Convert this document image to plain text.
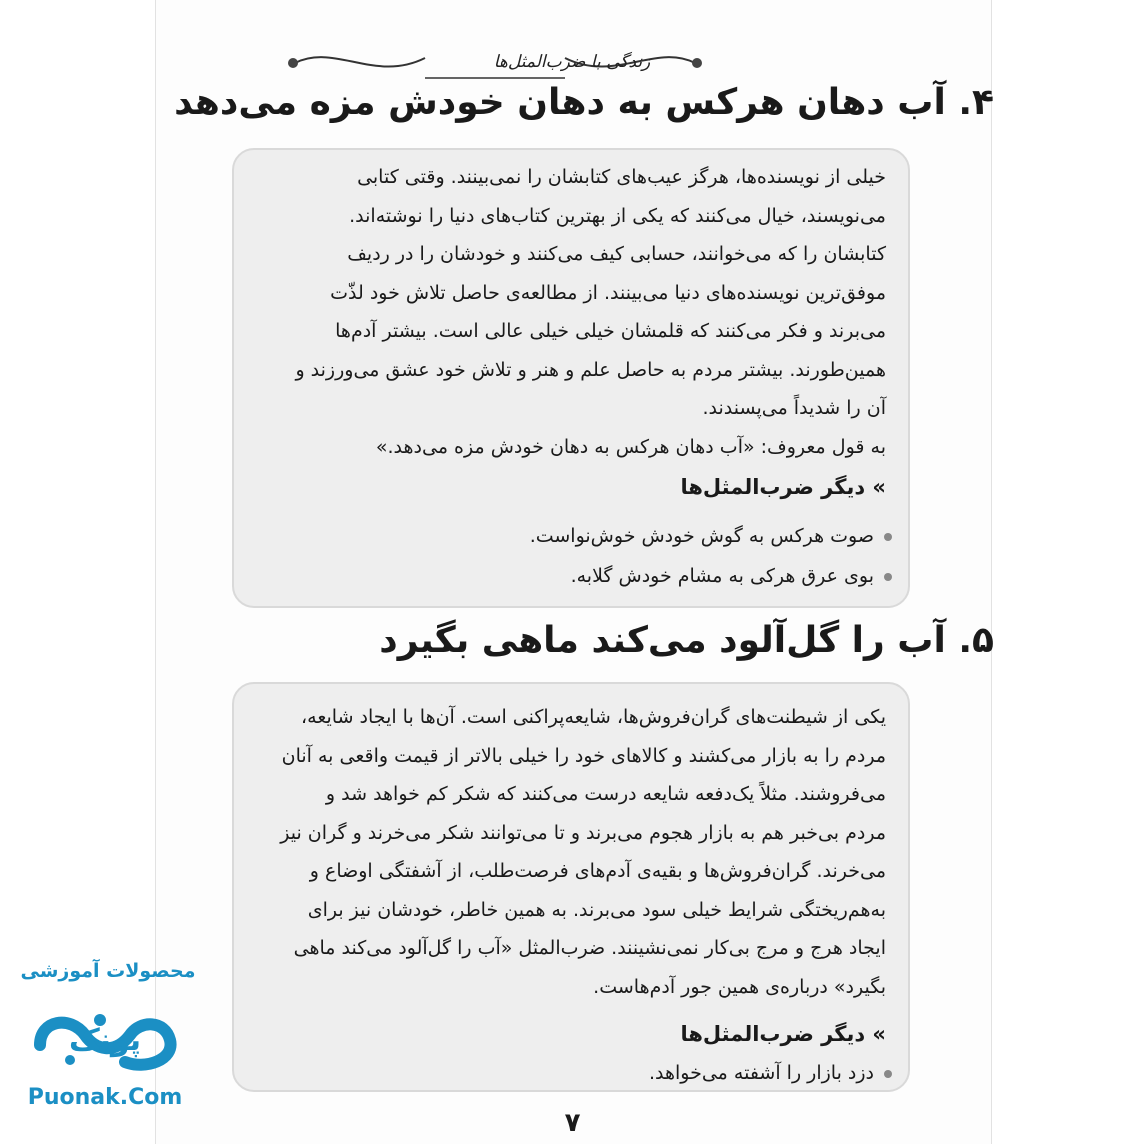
زندگی با ضرب‌المثل‌ها
۴. آب دهان هرکس به دهان خودش مزه می‌دهد
خیلی از نویسنده‌ها، هرگز عیب‌های کتابشان را نمی‌بینند. وقتی کتابی
می‌نویسند، خیال می‌کنند که یکی از بهترین کتاب‌های دنیا را نوشته‌اند.
کتابشان را که می‌خوانند، حسابی کیف می‌کنند و خودشان را در ردیف
موفق‌ترین نویسنده‌های دنیا می‌بینند. از مطالعه‌ی حاصل تلاش خود لذّت
می‌برند و فکر می‌کنند که قلمشان خیلی خیلی عالی است. بیشتر آدم‌ها
همین‌طورند. بیشتر مردم به حاصل علم و هنر و تلاش خود عشق می‌ورزند و
آن را شدیداً می‌پسندند.
به قول معروف: «آب دهان هرکس به دهان خودش مزه می‌دهد.»
» دیگر ضرب‌المثل‌ها
صوت هرکس به گوش خودش خوش‌نواست.
بوی عرق هرکی به مشام خودش گلابه.
۵. آب را گل‌آلود می‌کند ماهی بگیرد
یکی از شیطنت‌های گران‌فروش‌ها، شایعه‌پراکنی است. آن‌ها با ایجاد شایعه،
مردم را به بازار می‌کشند و کالاهای خود را خیلی بالاتر از قیمت واقعی به آنان
می‌فروشند. مثلاً یک‌دفعه شایعه درست می‌کنند که شکر کم خواهد شد و
مردم بی‌خبر هم به بازار هجوم می‌برند و تا می‌توانند شکر می‌خرند و گران نیز
می‌خرند. گران‌فروش‌ها و بقیه‌ی آدم‌های فرصت‌طلب، از آشفتگی اوضاع و
به‌هم‌ریختگی شرایط خیلی سود می‌برند. به همین خاطر، خودشان نیز برای
ایجاد هرج و مرج بی‌کار نمی‌نشینند. ضرب‌المثل «آب را گل‌آلود می‌کند ماهی
بگیرد» درباره‌ی همین جور آدم‌هاست.
» دیگر ضرب‌المثل‌ها
دزد بازار را آشفته می‌خواهد.
۷
محصولات آموزشی
پونک
Puonak.Com
